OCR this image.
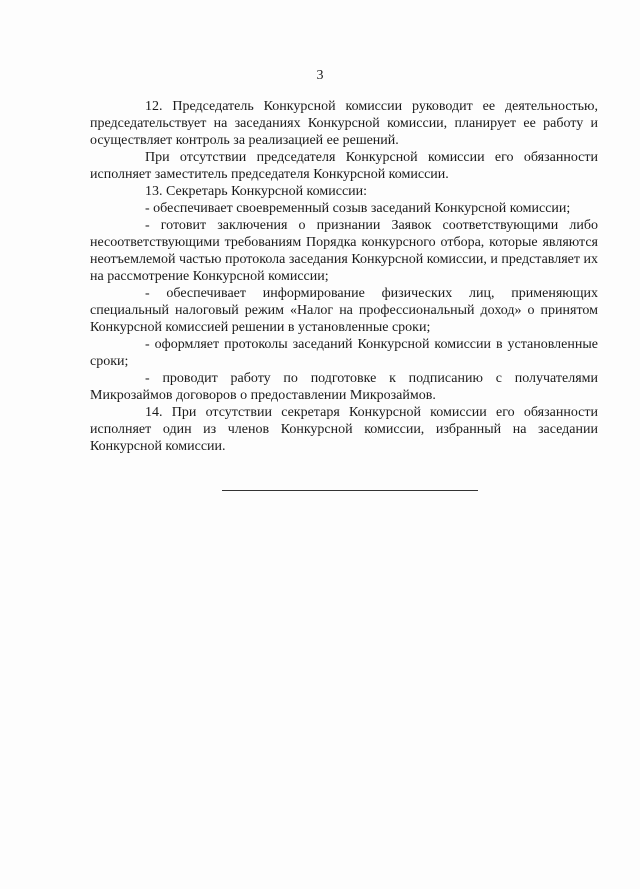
3

12. Председатель Конкурсной комиссии руководит ее деятельностью, председательствует на заседаниях Конкурсной комиссии, планирует ее работу и осуществляет контроль за реализацией ее решений.

При отсутствии председателя Конкурсной комиссии его обязанности исполняет заместитель председателя Конкурсной комиссии.

13. Секретарь Конкурсной комиссии:

- обеспечивает своевременный созыв заседаний Конкурсной комиссии;

- готовит заключения о признании Заявок соответствующими либо несоответствующими требованиям Порядка конкурсного отбора, которые являются неотъемлемой частью протокола заседания Конкурсной комиссии, и представляет их на рассмотрение Конкурсной комиссии;

- обеспечивает информирование физических лиц, применяющих специальный налоговый режим «Налог на профессиональный доход» о принятом Конкурсной комиссией решении в установленные сроки;

- оформляет протоколы заседаний Конкурсной комиссии в установленные сроки;

- проводит работу по подготовке к подписанию с получателями Микрозаймов договоров о предоставлении Микрозаймов.

14. При отсутствии секретаря Конкурсной комиссии его обязанности исполняет один из членов Конкурсной комиссии, избранный на заседании Конкурсной комиссии.
